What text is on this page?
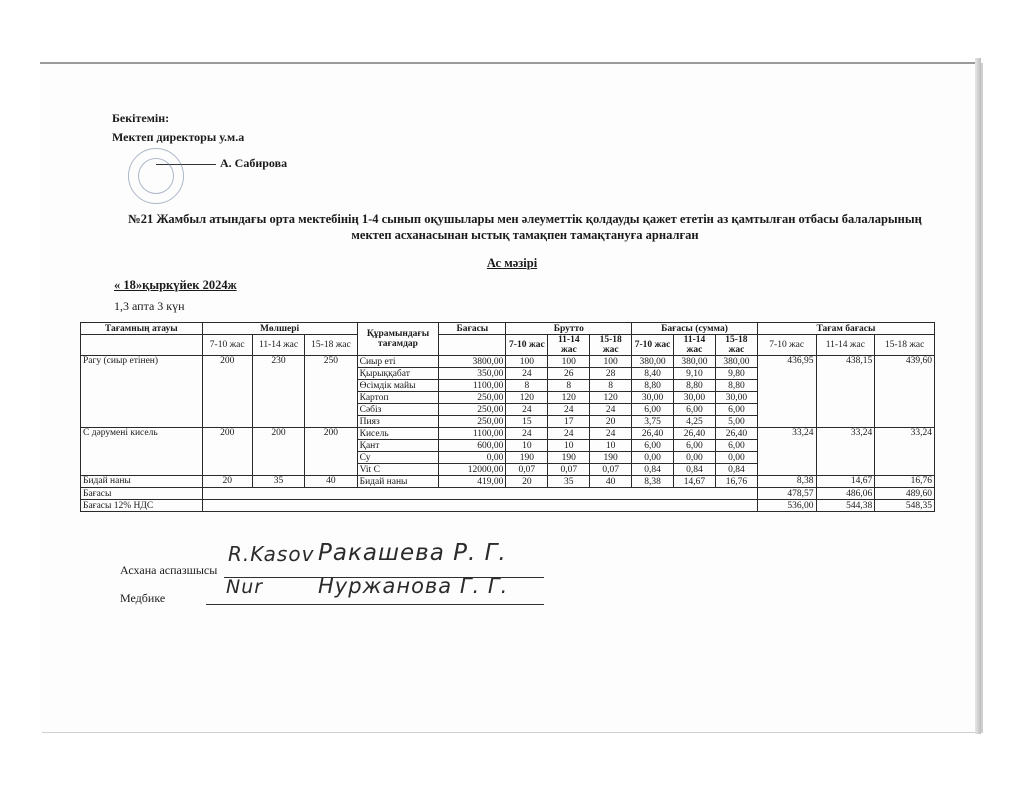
Бекітемін:
Мектеп директоры у.м.а
А. Сабирова
№21 Жамбыл атындағы орта мектебінің 1-4 сынып оқушылары мен әлеуметтік қолдауды қажет ететін аз қамтылған отбасы балаларының
мектеп асханасынан ыстық тамақпен тамақтануға арналған
Ас мәзірі
« 18»қыркүйек 2024ж
1,3 апта 3 күн
Тағамның атауы	Мөлшері			Құрамындағы тағамдар	Бағасы	Брутто			Бағасы (сумма)			Тағам бағасы		
	7-10 жас	11-14 жас	15-18 жас			7-10 жас	11-14 жас	15-18 жас	7-10 жас	11-14 жас	15-18 жас	7-10 жас	11-14 жас	15-18 жас
Рагу (сиыр етінен)	200	230	250	Сиыр еті	3800,00	100	100	100	380,00	380,00	380,00	436,95	438,15	439,60
				Қырыққабат	350,00	24	26	28	8,40	9,10	9,80			
				Өсімдік майы	1100,00	8	8	8	8,80	8,80	8,80			
				Картоп	250,00	120	120	120	30,00	30,00	30,00			
				Сәбіз	250,00	24	24	24	6,00	6,00	6,00			
				Пияз	250,00	15	17	20	3,75	4,25	5,00			
С дәрумені кисель	200	200	200	Кисель	1100,00	24	24	24	26,40	26,40	26,40	33,24	33,24	33,24
				Қант	600,00	10	10	10	6,00	6,00	6,00			
				Су	0,00	190	190	190	0,00	0,00	0,00			
				Vit C	12000,00	0,07	0,07	0,07	0,84	0,84	0,84			
Бидай наны	20	35	40	Бидай наны	419,00	20	35	40	8,38	14,67	16,76	8,38	14,67	16,76
Бағасы												478,57	486,06	489,60
Бағасы 12% НДС												536,00	544,38	548,35
Асхана аспазшысы
R.Kasov Ракашева Р. Г.
Медбике	Nur	Нуржанова Г. Г.
